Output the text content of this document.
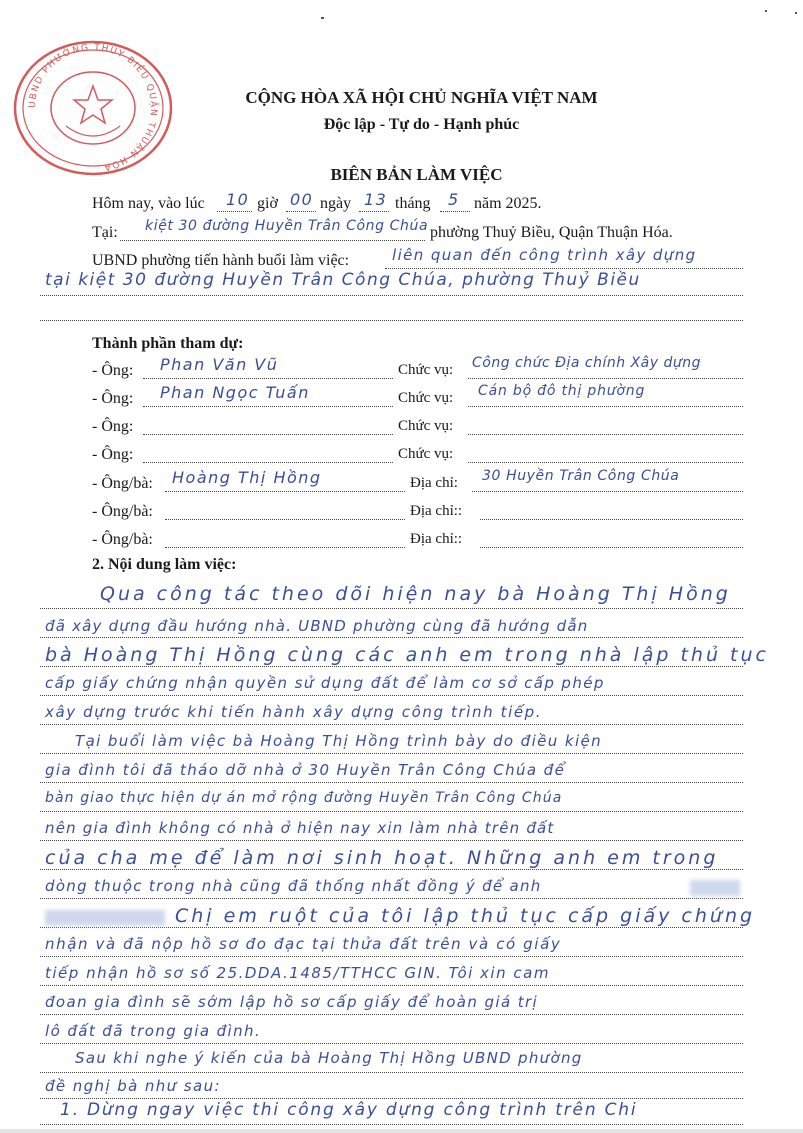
UBND PHƯỜNG THỦY BIỀU QUẬN THUẬN HÓA
CỘNG HÒA XÃ HỘI CHỦ NGHĨA VIỆT NAM
Độc lập - Tự do - Hạnh phúc
BIÊN BẢN LÀM VIỆC
Hôm nay, vào lúc 10 giờ 00 ngày 13 tháng 5 năm 2025.
Tại: kiệt 30 đường Huyền Trân Công Chúa phường Thuỷ Biều, Quận Thuận Hóa.
UBND phường tiến hành buổi làm việc:	liên quan đến công trình xây dựng
tại kiệt 30 đường Huyền Trân Công Chúa, phường Thuỷ Biều
Thành phần tham dự:
- Ông: Phan Văn Vũ	Chức vụ: Công chức Địa chính Xây dựng
- Ông: Phan Ngọc Tuấn	Chức vụ: Cán bộ đô thị phường
- Ông:	Chức vụ:
- Ông:	Chức vụ:
- Ông/bà: Hoàng Thị Hồng	Địa chỉ: 30 Huyền Trân Công Chúa
- Ông/bà:	Địa chỉ::
- Ông/bà:	Địa chỉ::
2. Nội dung làm việc:
Qua công tác theo dõi hiện nay bà Hoàng Thị Hồng
đã xây dựng đầu hướng nhà. UBND phường cùng đã hướng dẫn
bà Hoàng Thị Hồng cùng các anh em trong nhà lập thủ tục
cấp giấy chứng nhận quyền sử dụng đất để làm cơ sở cấp phép
xây dựng trước khi tiến hành xây dựng công trình tiếp.
Tại buổi làm việc bà Hoàng Thị Hồng trình bày do điều kiện
gia đình tôi đã tháo dỡ nhà ở 30 Huyền Trân Công Chúa để
bàn giao thực hiện dự án mở rộng đường Huyền Trân Công Chúa
nên gia đình không có nhà ở hiện nay xin làm nhà trên đất
của cha mẹ để làm nơi sinh hoạt. Những anh em trong
dòng thuộc trong nhà cũng đã thống nhất đồng ý để anh
Chị em ruột của tôi lập thủ tục cấp giấy chứng
nhận và đã nộp hồ sơ đo đạc tại thửa đất trên và có giấy
tiếp nhận hồ sơ số 25.DDA.1485/TTHCC GIN. Tôi xin cam
đoan gia đình sẽ sớm lập hồ sơ cấp giấy để hoàn giá trị
lô đất đã trong gia đình.
Sau khi nghe ý kiến của bà Hoàng Thị Hồng UBND phường
đề nghị bà như sau:
1. Dừng ngay việc thi công xây dựng công trình trên Chi
